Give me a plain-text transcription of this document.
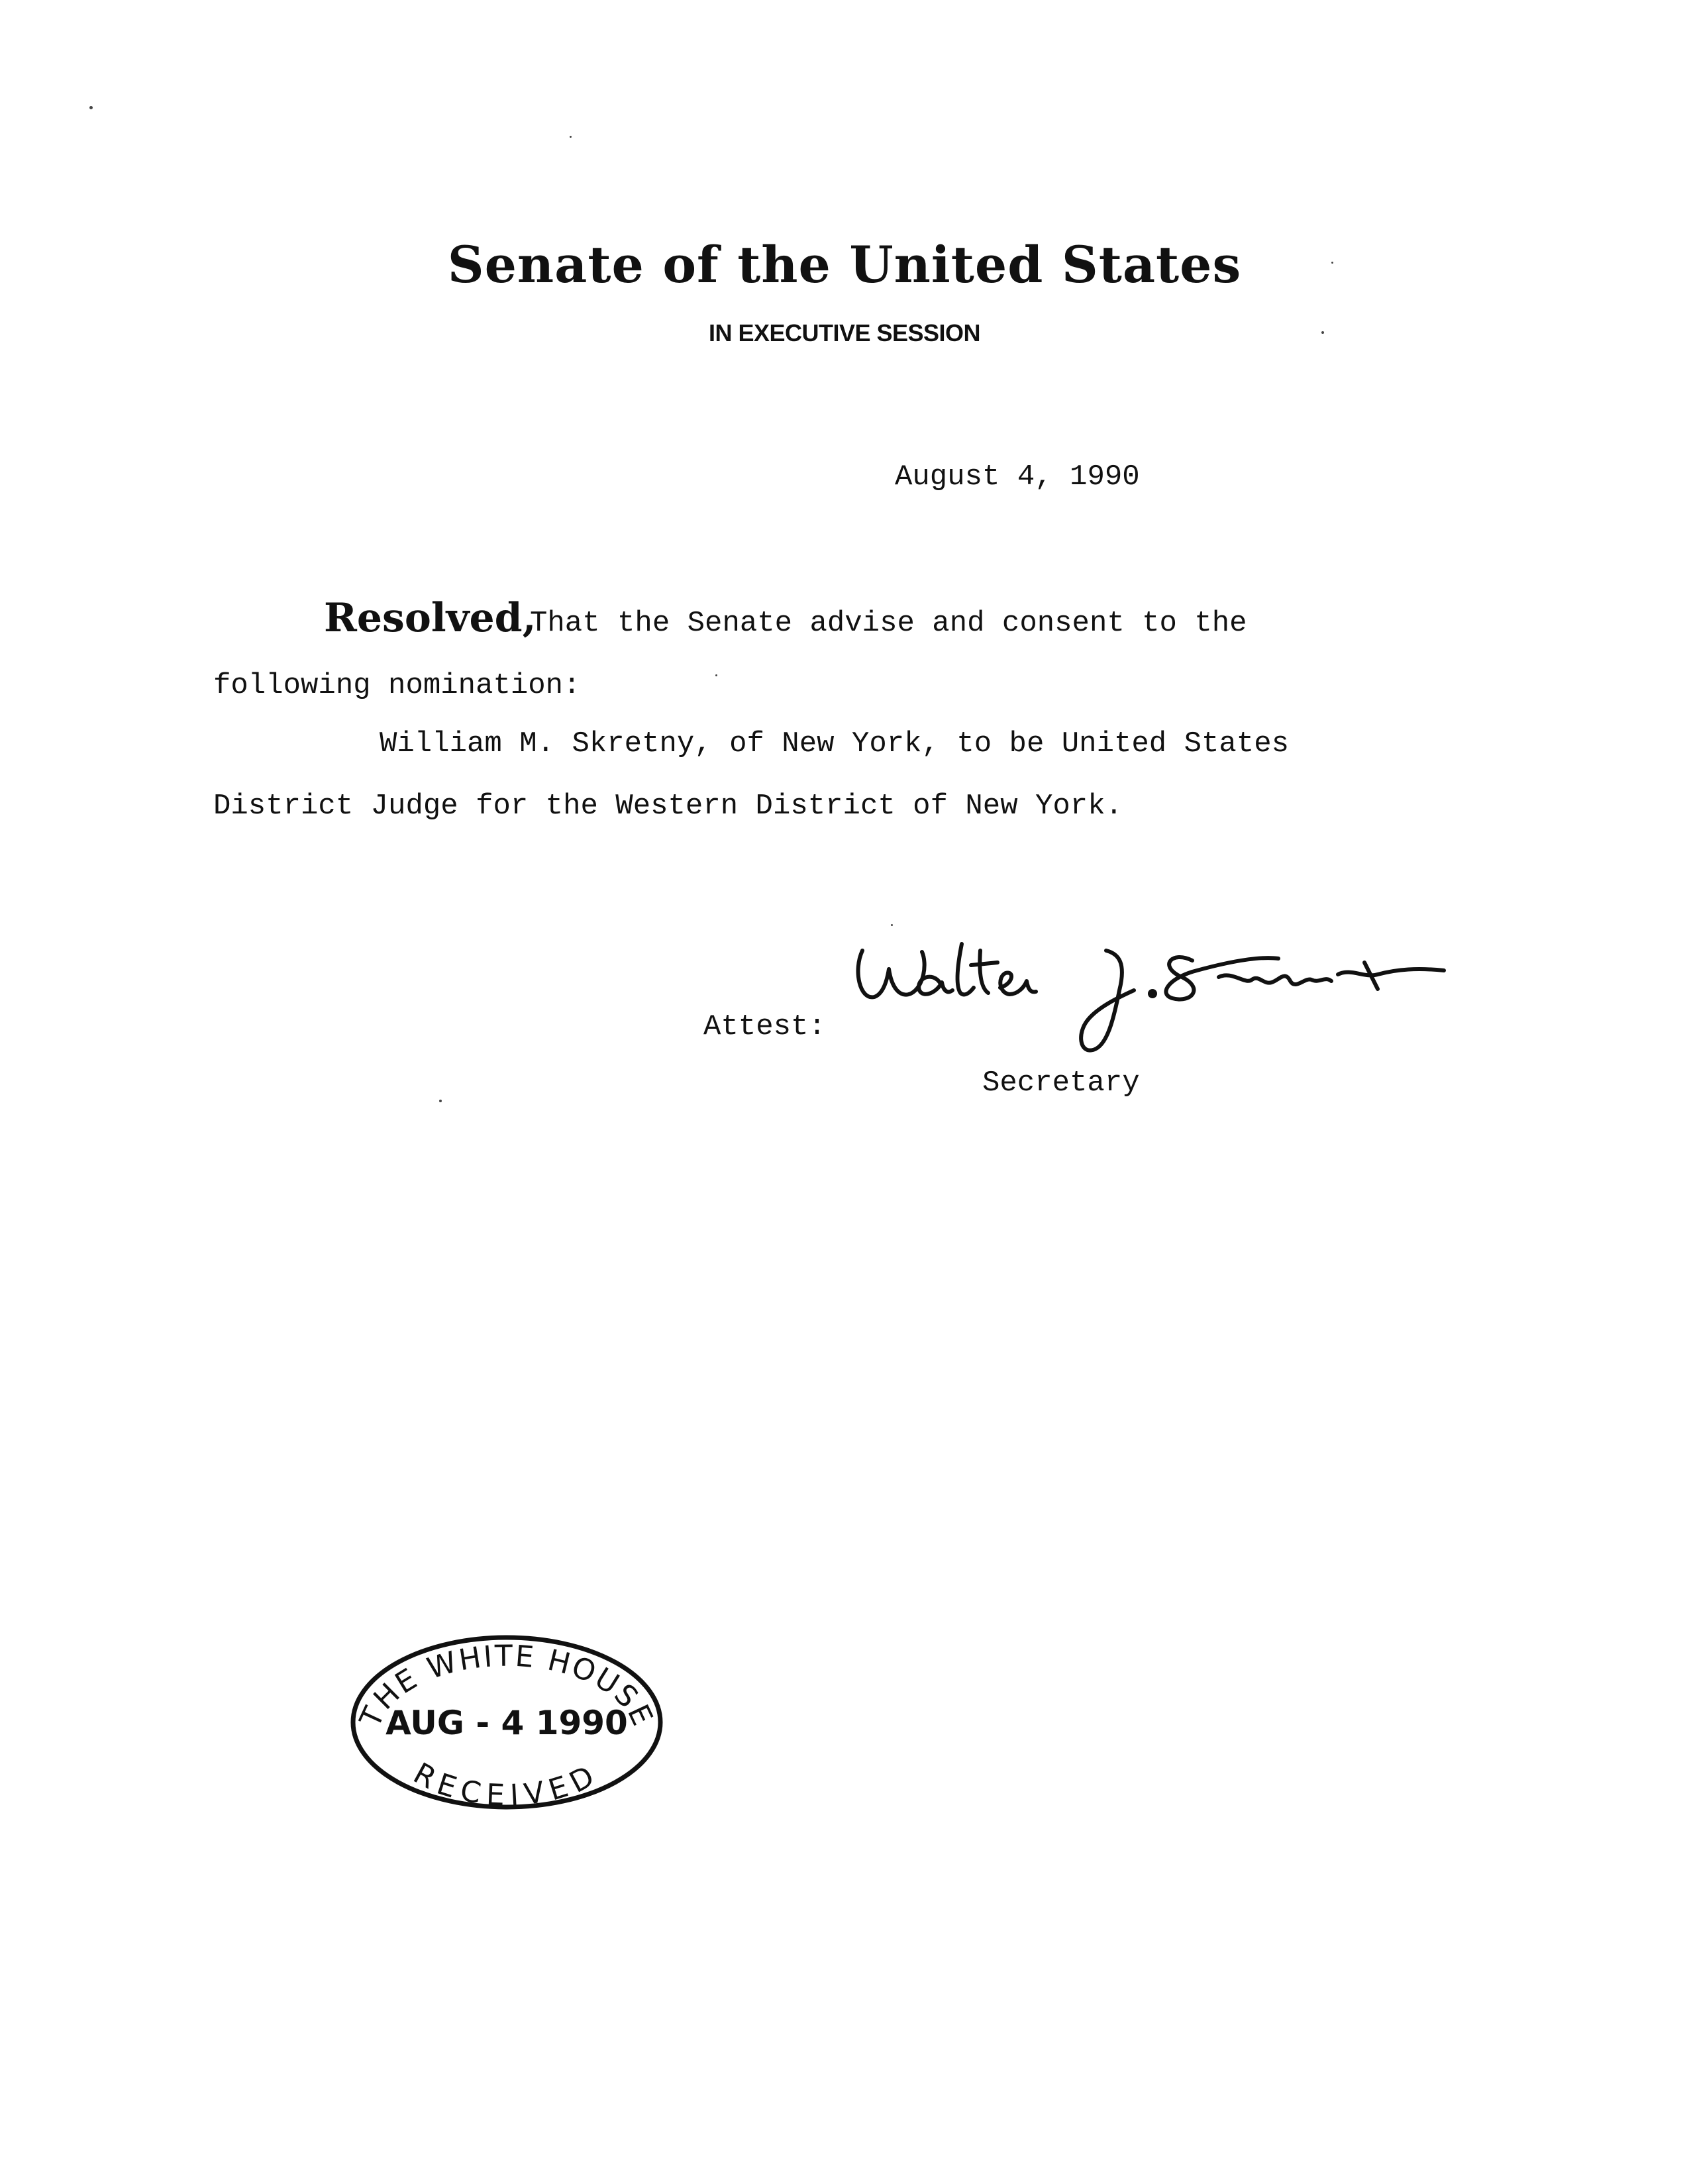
Senate of the United States
IN EXECUTIVE SESSION
August 4, 1990
Resolved,
That the Senate advise and consent to the
following nomination:
William M. Skretny, of New York, to be United States
District Judge for the Western District of New York.
Attest:
Secretary
THE WHITE HOUSE
AUG - 4 1990
RECEIVED
